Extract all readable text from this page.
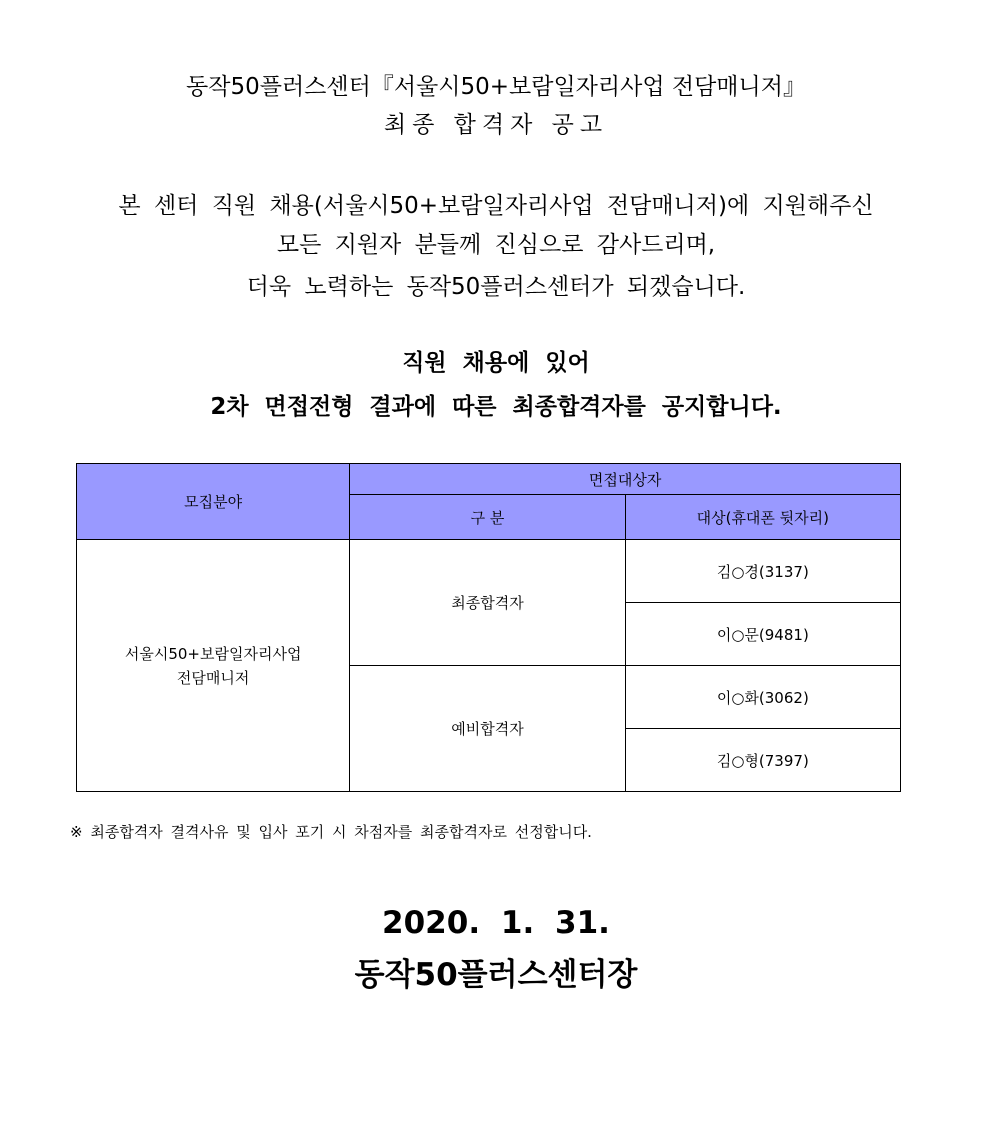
동작50플러스센터『서울시50+보람일자리사업 전담매니저』
최종 합격자 공고
본 센터 직원 채용(서울시50+보람일자리사업 전담매니저)에 지원해주신
모든 지원자 분들께 진심으로 감사드리며,
더욱 노력하는 동작50플러스센터가 되겠습니다.
직원 채용에 있어
2차 면접전형 결과에 따른 최종합격자를 공지합니다.
모집분야	면접대상자	
	구 분	대상(휴대폰 뒷자리)

서울시50+보람일자리사업
전담매니저	최종합격자	김○경(3137)
		이○문(9481)
	예비합격자	이○화(3062)
		김○형(7397)
※ 최종합격자 결격사유 및 입사 포기 시 차점자를 최종합격자로 선정합니다.
2020. 1. 31.
동작50플러스센터장
